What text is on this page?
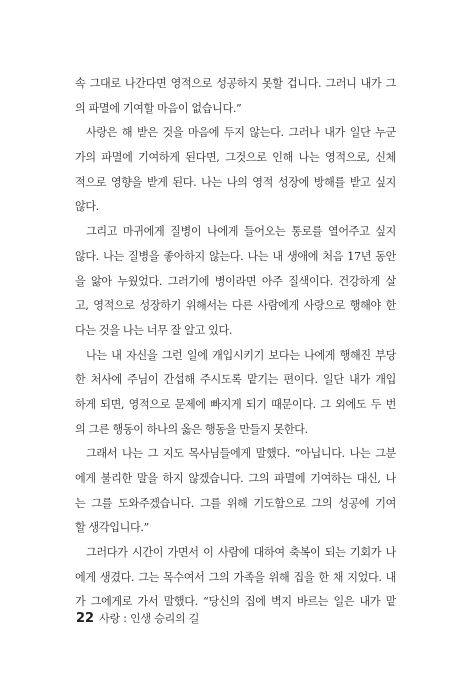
속 그대로 나간다면 영적으로 성공하지 못할 겁니다. 그러니 내가 그
의 파멸에 기여할 마음이 없습니다.”
사랑은 해 받은 것을 마음에 두지 않는다. 그러나 내가 일단 누군
가의 파멸에 기여하게 된다면, 그것으로 인해 나는 영적으로, 신체
적으로 영향을 받게 된다. 나는 나의 영적 성장에 방해를 받고 싶지
않다.
그리고 마귀에게 질병이 나에게 들어오는 통로를 열어주고 싶지
않다. 나는 질병을 좋아하지 않는다. 나는 내 생애에 처음 17년 동안
을 앓아 누웠었다. 그러기에 병이라면 아주 질색이다. 건강하게 살
고, 영적으로 성장하기 위해서는 다른 사람에게 사랑으로 행해야 한
다는 것을 나는 너무 잘 알고 있다.
나는 내 자신을 그런 일에 개입시키기 보다는 나에게 행해진 부당
한 처사에 주님이 간섭해 주시도록 맡기는 편이다. 일단 내가 개입
하게 되면, 영적으로 문제에 빠지게 되기 때문이다. 그 외에도 두 번
의 그른 행동이 하나의 옳은 행동을 만들지 못한다.
그래서 나는 그 지도 목사님들에게 말했다. “아닙니다. 나는 그분
에게 불리한 말을 하지 않겠습니다. 그의 파멸에 기여하는 대신, 나
는 그를 도와주겠습니다. 그를 위해 기도함으로 그의 성공에 기여
할 생각입니다.”
그러다가 시간이 가면서 이 사람에 대하여 축복이 되는 기회가 나
에게 생겼다. 그는 목수여서 그의 가족을 위해 집을 한 채 지었다. 내
가 그에게로 가서 말했다. “당신의 집에 벽지 바르는 일은 내가 맡
22 사랑 : 인생 승리의 길
